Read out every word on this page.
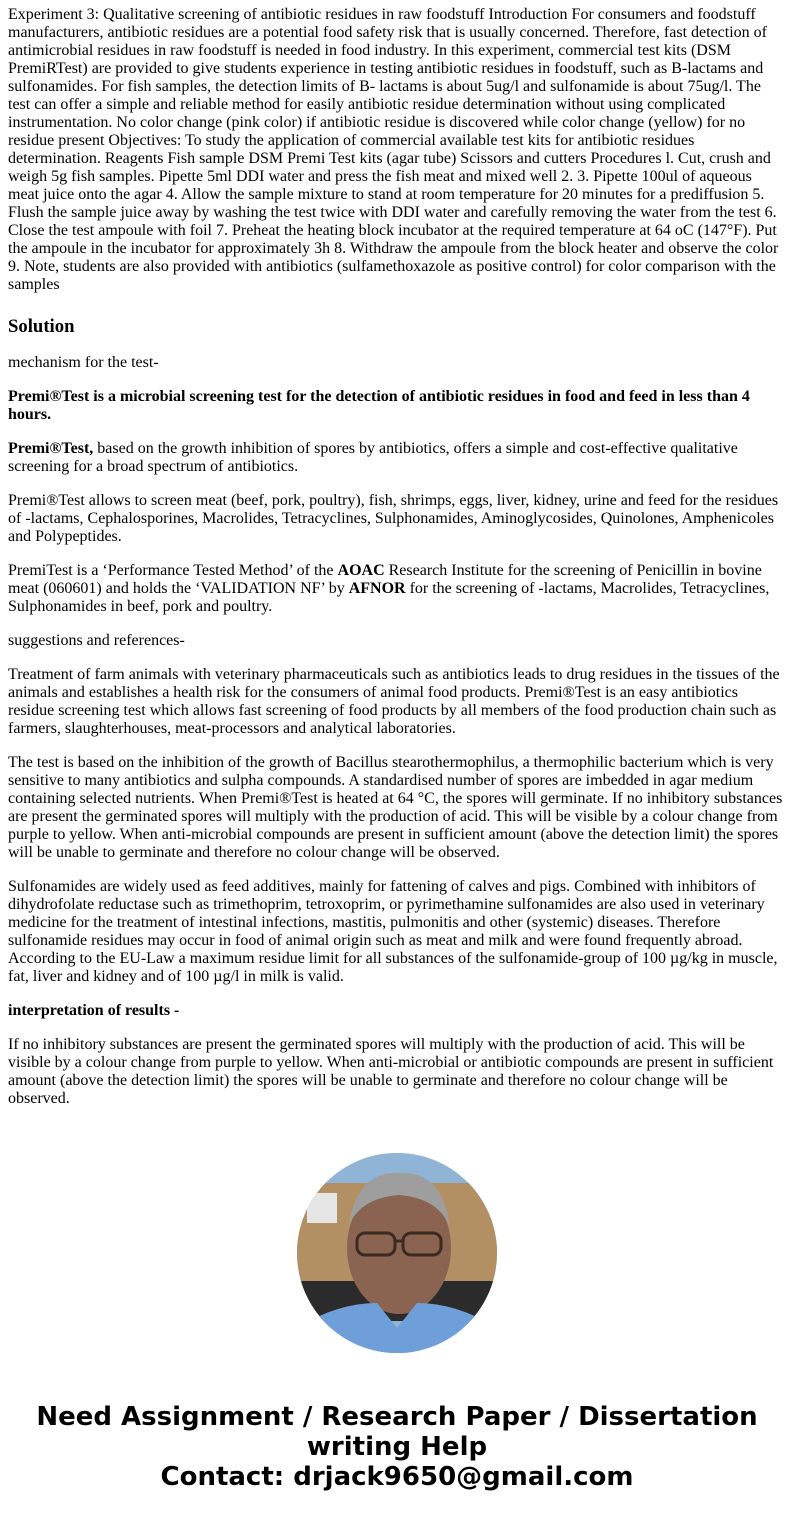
Experiment 3: Qualitative screening of antibiotic residues in raw foodstuff Introduction For consumers and foodstuff manufacturers, antibiotic residues are a potential food safety risk that is usually concerned. Therefore, fast detection of antimicrobial residues in raw foodstuff is needed in food industry. In this experiment, commercial test kits (DSM PremiRTest) are provided to give students experience in testing antibiotic residues in foodstuff, such as B-lactams and sulfonamides. For fish samples, the detection limits of B- lactams is about 5ug/l and sulfonamide is about 75ug/l. The test can offer a simple and reliable method for easily antibiotic residue determination without using complicated instrumentation. No color change (pink color) if antibiotic residue is discovered while color change (yellow) for no residue present Objectives: To study the application of commercial available test kits for antibiotic residues determination. Reagents Fish sample DSM Premi Test kits (agar tube) Scissors and cutters Procedures l. Cut, crush and weigh 5g fish samples. Pipette 5ml DDI water and press the fish meat and mixed well 2. 3. Pipette 100ul of aqueous meat juice onto the agar 4. Allow the sample mixture to stand at room temperature for 20 minutes for a prediffusion 5. Flush the sample juice away by washing the test twice with DDI water and carefully removing the water from the test 6. Close the test ampoule with foil 7. Preheat the heating block incubator at the required temperature at 64 oC (147°F). Put the ampoule in the incubator for approximately 3h 8. Withdraw the ampoule from the block heater and observe the color 9. Note, students are also provided with antibiotics (sulfamethoxazole as positive control) for color comparison with the samples
Solution

mechanism for the test-

Premi®Test is a microbial screening test for the detection of antibiotic residues in food and feed in less than 4 hours.

Premi®Test, based on the growth inhibition of spores by antibiotics, offers a simple and cost-effective qualitative screening for a broad spectrum of antibiotics.

Premi®Test allows to screen meat (beef, pork, poultry), fish, shrimps, eggs, liver, kidney, urine and feed for the residues of -lactams, Cephalosporines, Macrolides, Tetracyclines, Sulphonamides, Aminoglycosides, Quinolones, Amphenicoles and Polypeptides.

PremiTest is a ‘Performance Tested Method’ of the AOAC Research Institute for the screening of Penicillin in bovine meat (060601) and holds the ‘VALIDATION NF’ by AFNOR for the screening of -lactams, Macrolides, Tetracyclines, Sulphonamides in beef, pork and poultry.

suggestions and references-

Treatment of farm animals with veterinary pharmaceuticals such as antibiotics leads to drug residues in the tissues of the animals and establishes a health risk for the consumers of animal food products. Premi®Test is an easy antibiotics residue screening test which allows fast screening of food products by all members of the food production chain such as farmers, slaughterhouses, meat-processors and analytical laboratories.

The test is based on the inhibition of the growth of Bacillus stearothermophilus, a thermophilic bacterium which is very sensitive to many antibiotics and sulpha compounds. A standardised number of spores are imbedded in agar medium containing selected nutrients. When Premi®Test is heated at 64 °C, the spores will germinate. If no inhibitory substances are present the germinated spores will multiply with the production of acid. This will be visible by a colour change from purple to yellow. When anti-microbial compounds are present in sufficient amount (above the detection limit) the spores will be unable to germinate and therefore no colour change will be observed.

Sulfonamides are widely used as feed additives, mainly for fattening of calves and pigs. Combined with inhibitors of dihydrofolate reductase such as trimethoprim, tetroxoprim, or pyrimethamine sulfonamides are also used in veterinary medicine for the treatment of intestinal infections, mastitis, pulmonitis and other (systemic) diseases. Therefore sulfonamide residues may occur in food of animal origin such as meat and milk and were found frequently abroad. According to the EU-Law a maximum residue limit for all substances of the sulfonamide-group of 100 µg/kg in muscle, fat, liver and kidney and of 100 µg/l in milk is valid.

interpretation of results -

If no inhibitory substances are present the germinated spores will multiply with the production of acid. This will be visible by a colour change from purple to yellow. When anti-microbial or antibiotic compounds are present in sufficient amount (above the detection limit) the spores will be unable to germinate and therefore no colour change will be observed.

Need Assignment / Research Paper / Dissertation
writing Help
Contact: drjack9650@gmail.com
